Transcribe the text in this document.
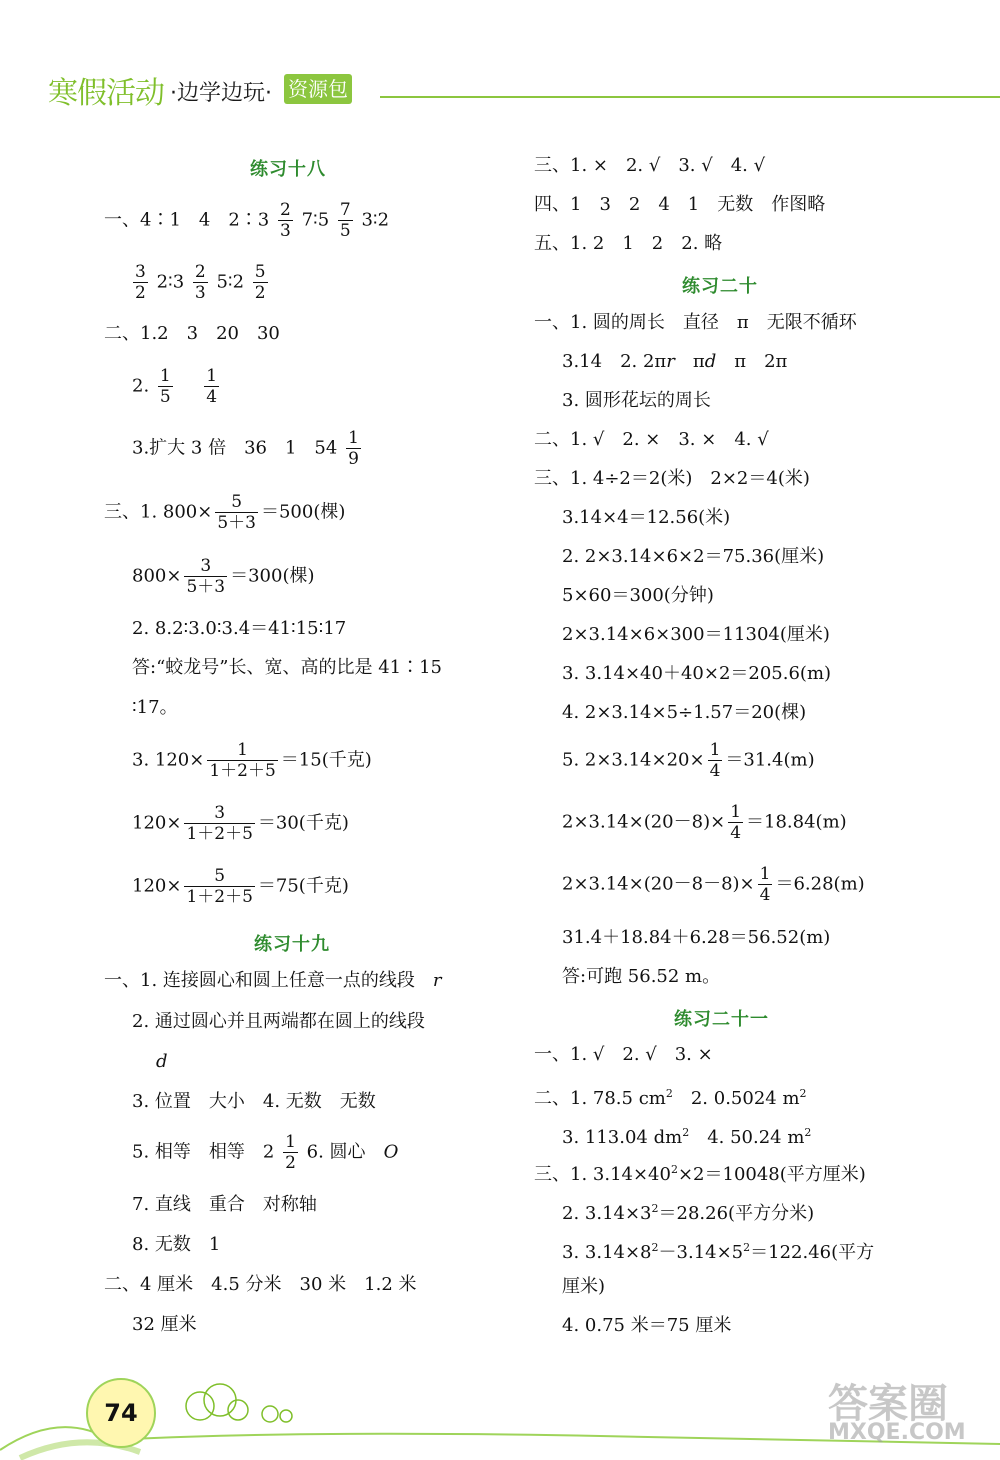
寒假活动 ·边学边玩· 资源包
练习十八
一、4∶1　4　2∶3 $\frac{2}{3}$ 7∶5 $\frac{7}{5}$ 3∶2
$\frac{3}{2}$ 2∶3 $\frac{2}{3}$ 5∶2 $\frac{5}{2}$
二、1.2　3　20　30
2. $\frac{1}{5}$
$\frac{1}{4}$
3.扩大 3 倍　36　1　$54 \frac{1}{9}$
三、1. $800\times \frac{5}{5+3} =500$(棵)
$800\times \frac{3}{5+3} =300$(棵)
2. 8.2∶3.0∶3.4＝41∶15∶17
答:“蛟龙号”长、宽、高的比是 41∶15
∶17。
3. $120\times \frac{1}{1+2+5} =15$(千克)
$120\times \frac{3}{1+2+5} =30$(千克)
$120\times \frac{5}{1+2+5} =75$(千克)
练习十九
一、1. 连接圆心和圆上任意一点的线段　 r
2. 通过圆心并且两端都在圆上的线段
d
3. 位置　大小　4. 无数　无数
5. 相等　相等　$2 \frac{1}{2} 6$. 圆心　 O
7. 直线　重合　对称轴
8. 无数　1
二、4 厘米　4.5 分米　30 米　1.2 米
32 厘米
三、1. ×　2. √　3. √　4. √
四、1　3　2　4　1　无数　作图略
五、1. 2　1　2　2. 略
练习二十
一、1. 圆的周长　直径　 π　 无限不循环
3.14　2. 2πr　 πd　 π　2π
3. 圆形花坛的周长
二、1. √　2. ×　3. ×　4. √
三、1. 4÷2＝2(米)　2×2＝4(米)
3.14×4＝12.56(米)
2. 2×3.14×6×2＝75.36(厘米)
5×60＝300(分钟)
2×3.14×6×300＝11304(厘米)
3. 3.14×40＋40×2＝205.6(m)
4. 2×3.14×5÷1.57＝20(棵)
5. $2\times 3.14\times 20\times \frac{1}{4} =31.4(m)$
$2\times 3.14\times(20-8)\times \frac{1}{4} =18.84(m)$
$2\times 3.14\times(20-8-8)\times \frac{1}{4} =6.28(m)$
31.4＋18.84＋6.28＝56.52(m)
答:可跑 56.52 m。
练习二十一
一、1. √　2. √　3. ×
二、1. 78.5 $cm^2$　 2. 0.5024 $m^2$
3. 113.04 $dm^2$　 4. 50.24 $m^2$
三、1. $3.14\times 40^2\times 2=10048$(平方厘米)
2. $3.14\times 3^2=28.26$(平方分米)
3. $3.14\times 8^2-3.14\times 5^2=122.46$(平方
厘米)
4. 0.75 米＝75 厘米
74	答案圈
MXQE.COM
